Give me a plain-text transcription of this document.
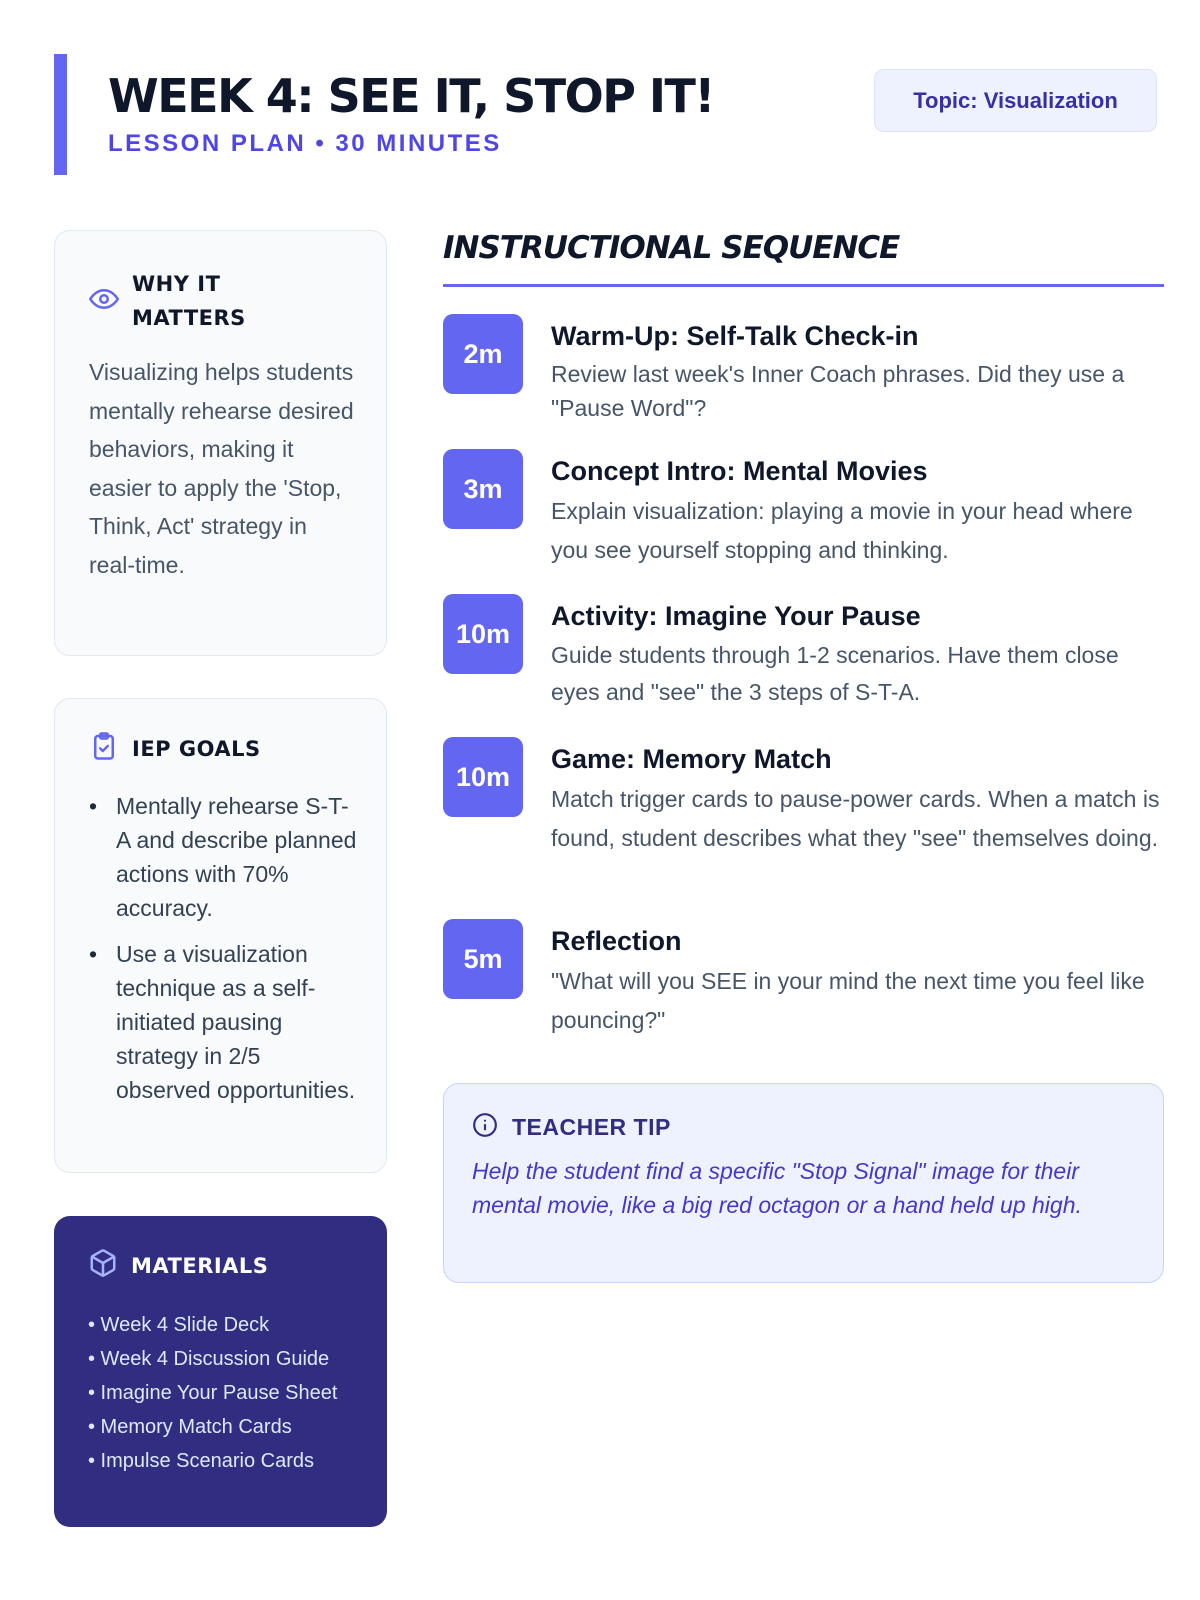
WEEK 4: SEE IT, STOP IT!
LESSON PLAN • 30 MINUTES
Topic: Visualization
WHY IT MATTERS

Visualizing helps students mentally rehearse desired behaviors, making it easier to apply the 'Stop, Think, Act' strategy in real-time.

IEP GOALS
• Mentally rehearse S-T-A and describe planned actions with 70% accuracy.
• Use a visualization technique as a self-initiated pausing strategy in 2/5 observed opportunities.
MATERIALS
• Week 4 Slide Deck
• Week 4 Discussion Guide
• Imagine Your Pause Sheet
• Memory Match Cards
• Impulse Scenario Cards
INSTRUCTIONAL SEQUENCE
2m
Warm-Up: Self-Talk Check-in
Review last week's Inner Coach phrases. Did they use a "Pause Word"?
3m
Concept Intro: Mental Movies
Explain visualization: playing a movie in your head where you see yourself stopping and thinking.
10m
Activity: Imagine Your Pause
Guide students through 1-2 scenarios. Have them close eyes and "see" the 3 steps of S-T-A.
10m
Game: Memory Match
Match trigger cards to pause-power cards. When a match is found, student describes what they "see" themselves doing.
5m
Reflection
"What will you SEE in your mind the next time you feel like pouncing?"
TEACHER TIP

Help the student find a specific "Stop Signal" image for their mental movie, like a big red octagon or a hand held up high.
